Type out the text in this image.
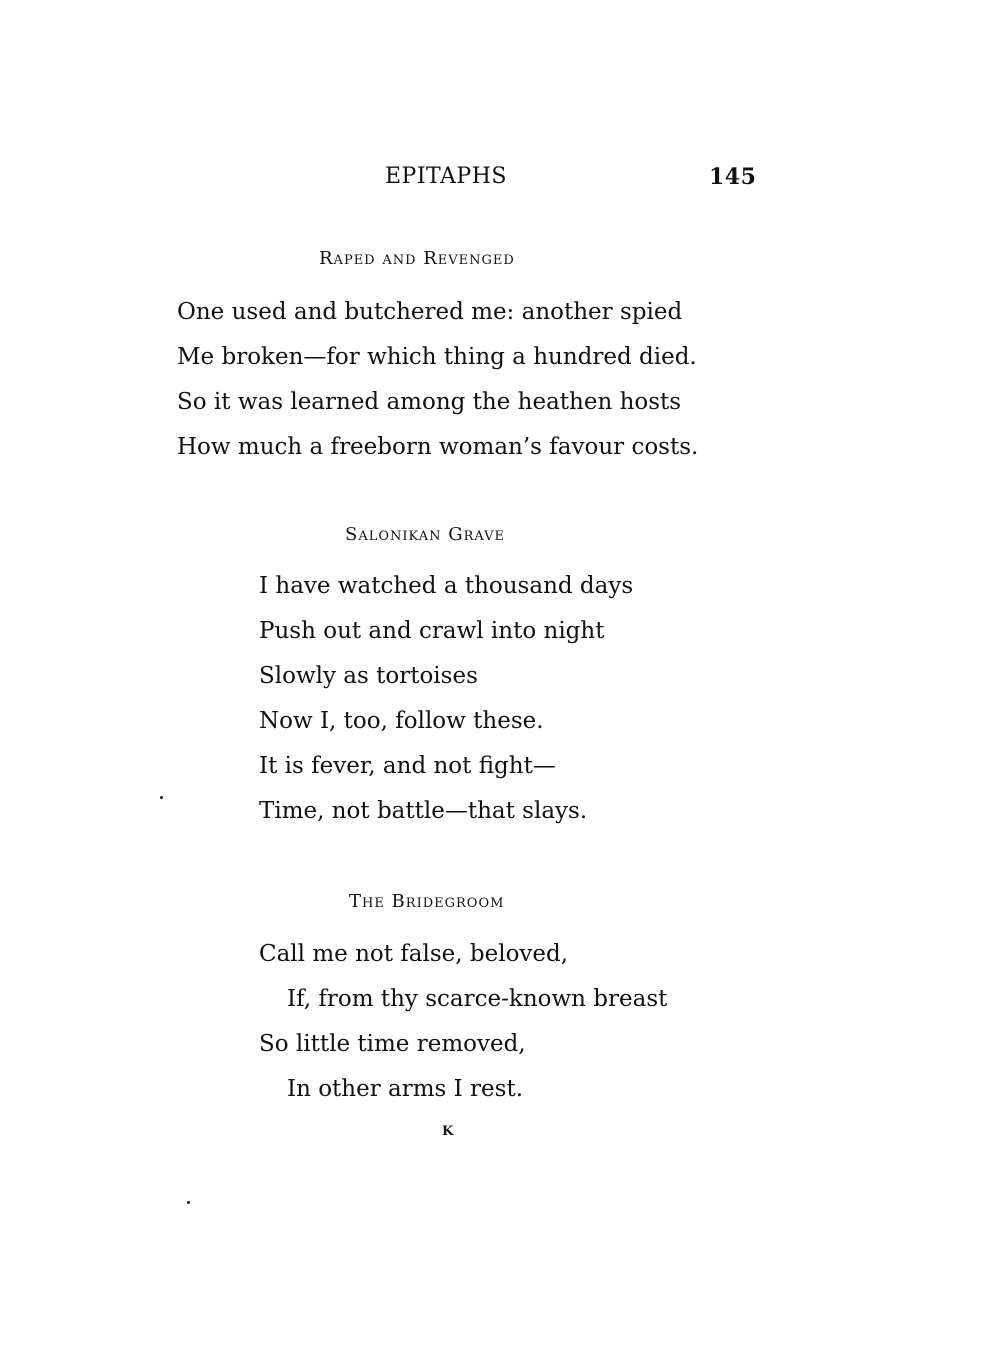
EPITAPHS	145
Raped and Revenged
One used and butchered me: another spied
Me broken—for which thing a hundred died.
So it was learned among the heathen hosts
How much a freeborn woman’s favour costs.
Salonikan Grave
I have watched a thousand days
Push out and crawl into night
Slowly as tortoises
Now I, too, follow these.
It is fever, and not fight—
Time, not battle—that slays.
The Bridegroom
Call me not false, beloved,
If, from thy scarce-known breast
So little time removed,
In other arms I rest.
K
